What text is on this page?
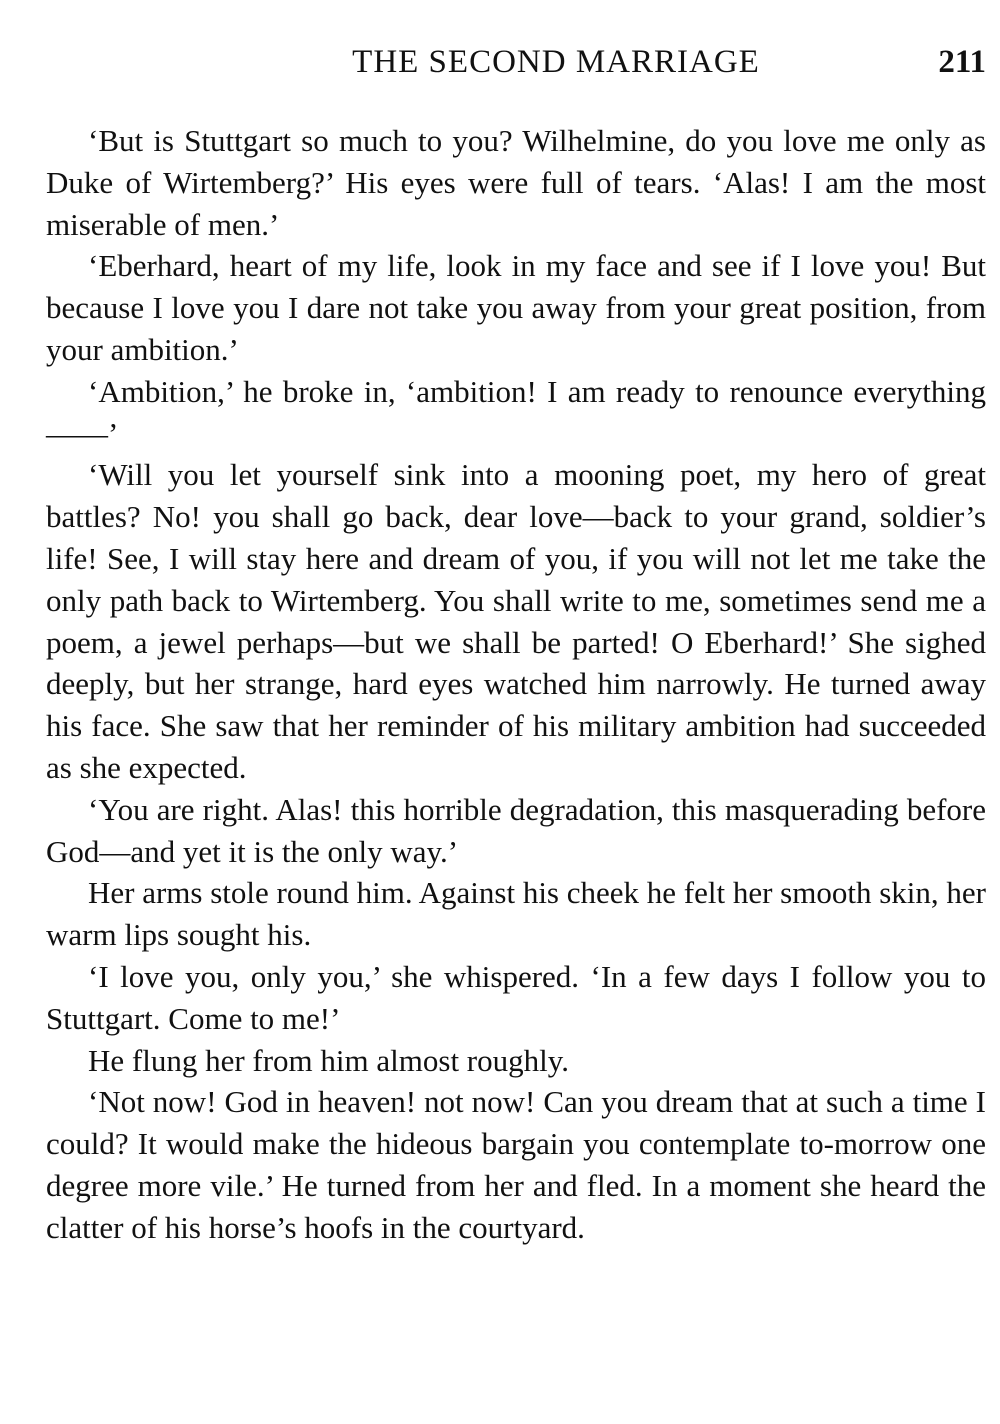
THE SECOND MARRIAGE	211

‘But is Stuttgart so much to you? Wilhelmine, do you love me only as Duke of Wirtemberg?’ His eyes were full of tears. ‘Alas! I am the most miserable of men.’

‘Eberhard, heart of my life, look in my face and see if I love you! But because I love you I dare not take you away from your great position, from your ambition.’

‘Ambition,’ he broke in, ‘ambition! I am ready to renounce everything——’

‘Will you let yourself sink into a mooning poet, my hero of great battles? No! you shall go back, dear love—back to your grand, soldier’s life! See, I will stay here and dream of you, if you will not let me take the only path back to Wirtemberg. You shall write to me, sometimes send me a poem, a jewel perhaps—but we shall be parted! O Eberhard!’ She sighed deeply, but her strange, hard eyes watched him narrowly. He turned away his face. She saw that her reminder of his military ambition had succeeded as she expected.

‘You are right. Alas! this horrible degradation, this masquerading before God—and yet it is the only way.’

Her arms stole round him. Against his cheek he felt her smooth skin, her warm lips sought his.

‘I love you, only you,’ she whispered. ‘In a few days I follow you to Stuttgart. Come to me!’

He flung her from him almost roughly.

‘Not now! God in heaven! not now! Can you dream that at such a time I could? It would make the hideous bargain you contemplate to-morrow one degree more vile.’ He turned from her and fled. In a moment she heard the clatter of his horse’s hoofs in the courtyard.
